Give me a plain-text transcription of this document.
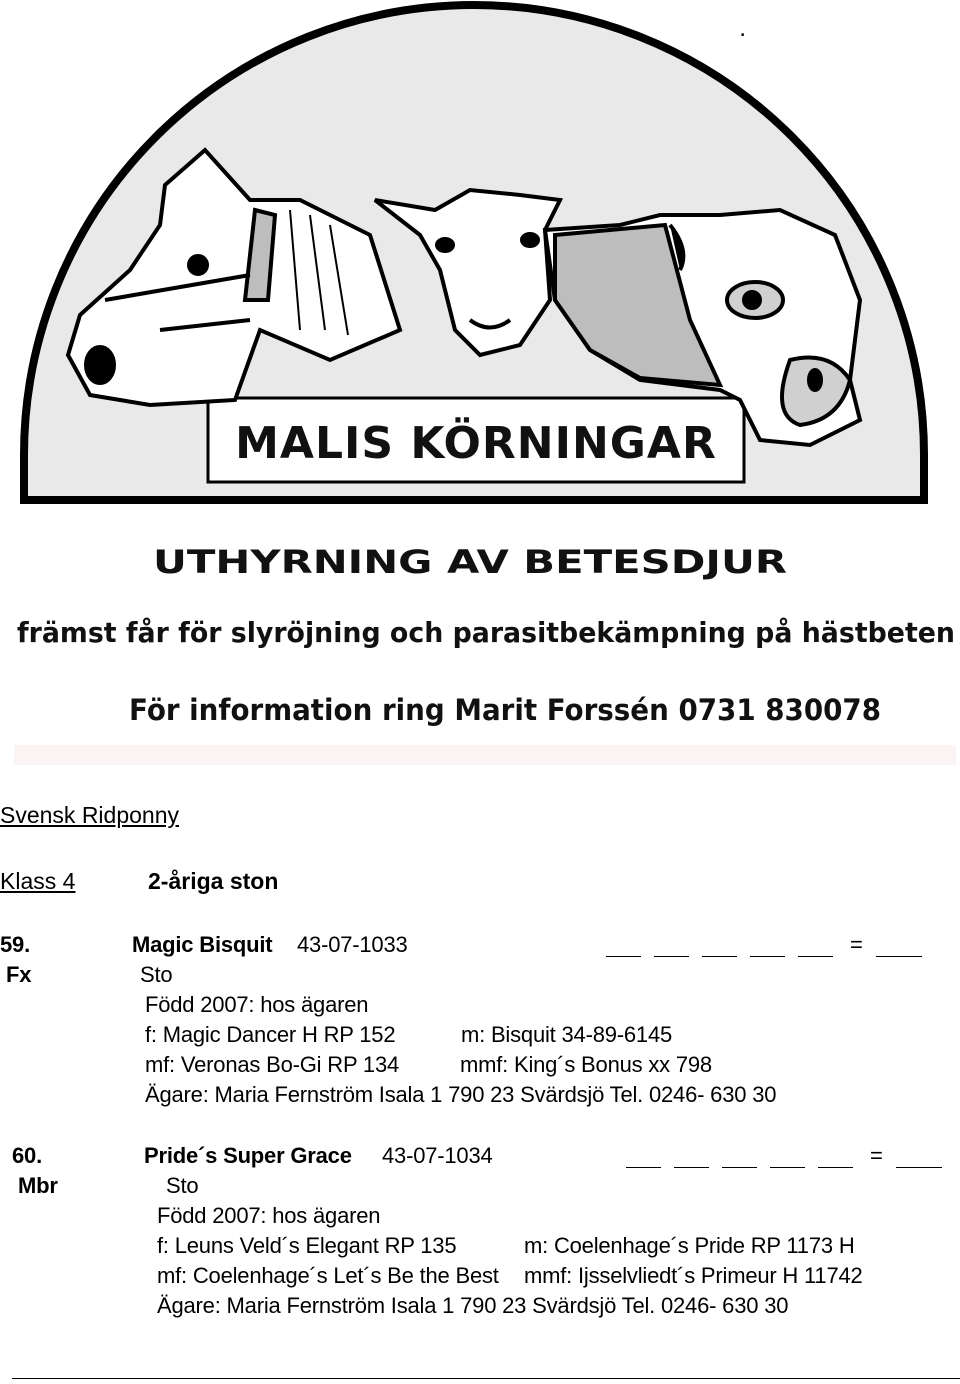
MALIS KÖRNINGAR
.
UTHYRNING AV BETESDJUR
främst får för slyröjning och parasitbekämpning på hästbeten
För information ring Marit Forssén 0731 830078
Svensk Ridponny
Klass 4	2-åriga ston
59.
Fx
Magic Bisquit 43-07-1033	=
Sto
Född 2007: hos ägaren
f: Magic Dancer H RP 152	m: Bisquit 34-89-6145
mf: Veronas Bo-Gi RP 134	mmf: King´s Bonus xx 798
Ägare: Maria Fernström Isala 1 790 23 Svärdsjö Tel. 0246- 630 30
60.
Mbr
Pride´s Super Grace 43-07-1034	=
Sto
Född 2007: hos ägaren
f: Leuns Veld´s Elegant RP 135	m: Coelenhage´s Pride RP 1173 H
mf: Coelenhage´s Let´s Be the Best mmf: Ijsselvliedt´s Primeur H 11742
Ägare: Maria Fernström Isala 1 790 23 Svärdsjö Tel. 0246- 630 30
